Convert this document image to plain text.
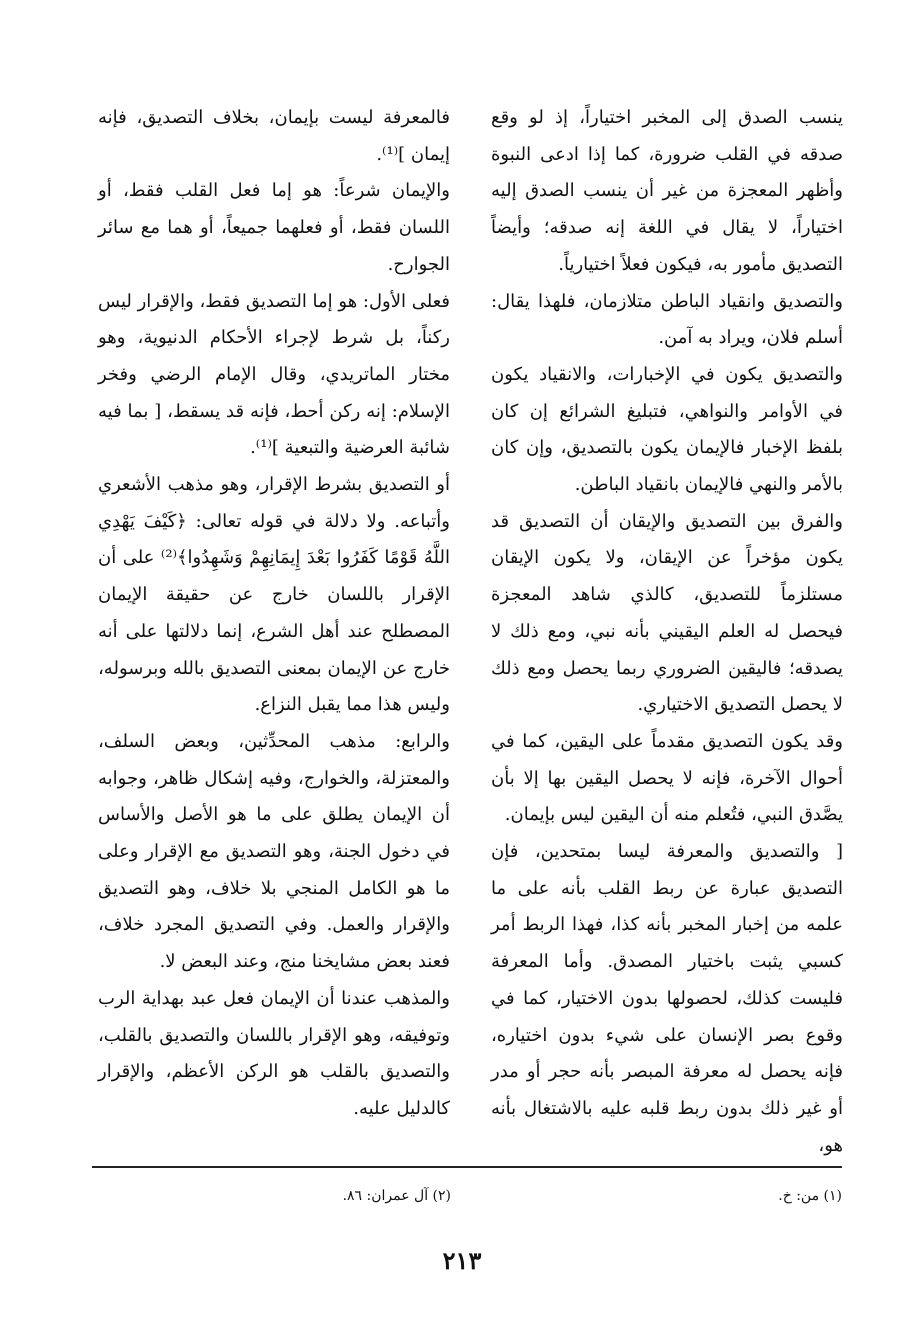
ينسب الصدق إلى المخبر اختياراً، إذ لو وقع صدقه في القلب ضرورة، كما إذا ادعى النبوة وأظهر المعجزة من غير أن ينسب الصدق إليه اختياراً، لا يقال في اللغة إنه صدقه؛ وأيضاً التصديق مأمور به، فيكون فعلاً اختيارياً.

والتصديق وانقياد الباطن متلازمان، فلهذا يقال: أسلم فلان، ويراد به آمن.

والتصديق يكون في الإخبارات، والانقياد يكون في الأوامر والنواهي، فتبليغ الشرائع إن كان بلفظ الإخبار فالإيمان يكون بالتصديق، وإن كان بالأمر والنهي فالإيمان بانقياد الباطن.

والفرق بين التصديق والإيقان أن التصديق قد يكون مؤخراً عن الإيقان، ولا يكون الإيقان مستلزماً للتصديق، كالذي شاهد المعجزة فيحصل له العلم اليقيني بأنه نبي، ومع ذلك لا يصدقه؛ فاليقين الضروري ربما يحصل ومع ذلك لا يحصل التصديق الاختياري.

وقد يكون التصديق مقدماً على اليقين، كما في أحوال الآخرة، فإنه لا يحصل اليقين بها إلا بأن يصَّدق النبي، فتُعلم منه أن اليقين ليس بإيمان.

[ والتصديق والمعرفة ليسا بمتحدين، فإن التصديق عبارة عن ربط القلب بأنه على ما علمه من إخبار المخبر بأنه كذا، فهذا الربط أمر كسبي يثبت باختيار المصدق. وأما المعرفة فليست كذلك، لحصولها بدون الاختيار، كما في وقوع بصر الإنسان على شيء بدون اختياره، فإنه يحصل له معرفة المبصر بأنه حجر أو مدر أو غير ذلك بدون ربط قلبه عليه بالاشتغال بأنه هو،

فالمعرفة ليست بإيمان، بخلاف التصديق، فإنه إيمان ]⁽¹⁾.

والإيمان شرعاً: هو إما فعل القلب فقط، أو اللسان فقط، أو فعلهما جميعاً، أو هما مع سائر الجوارح.

فعلى الأول: هو إما التصديق فقط، والإقرار ليس ركناً، بل شرط لإجراء الأحكام الدنيوية، وهو مختار الماتريدي، وقال الإمام الرضي وفخر الإسلام: إنه ركن أحط، فإنه قد يسقط، [ بما فيه شائبة العرضية والتبعية ]⁽¹⁾.

أو التصديق بشرط الإقرار، وهو مذهب الأشعري وأتباعه. ولا دلالة في قوله تعالى: ﴿كَيْفَ يَهْدِي اللَّهُ قَوْمًا كَفَرُوا بَعْدَ إِيمَانِهِمْ وَشَهِدُوا﴾⁽²⁾ على أن الإقرار باللسان خارج عن حقيقة الإيمان المصطلح عند أهل الشرع، إنما دلالتها على أنه خارج عن الإيمان بمعنى التصديق بالله وبرسوله، وليس هذا مما يقبل النزاع.

والرابع: مذهب المحدِّثين، وبعض السلف، والمعتزلة، والخوارج، وفيه إشكال ظاهر، وجوابه أن الإيمان يطلق على ما هو الأصل والأساس في دخول الجنة، وهو التصديق مع الإقرار وعلى ما هو الكامل المنجي بلا خلاف، وهو التصديق والإقرار والعمل. وفي التصديق المجرد خلاف، فعند بعض مشايخنا منج، وعند البعض لا.

والمذهب عندنا أن الإيمان فعل عبد بهداية الرب وتوفيقه، وهو الإقرار باللسان والتصديق بالقلب، والتصديق بالقلب هو الركن الأعظم، والإقرار كالدليل عليه.

(١) من: خ.
(٢) آل عمران: ٨٦.
٢١٣
